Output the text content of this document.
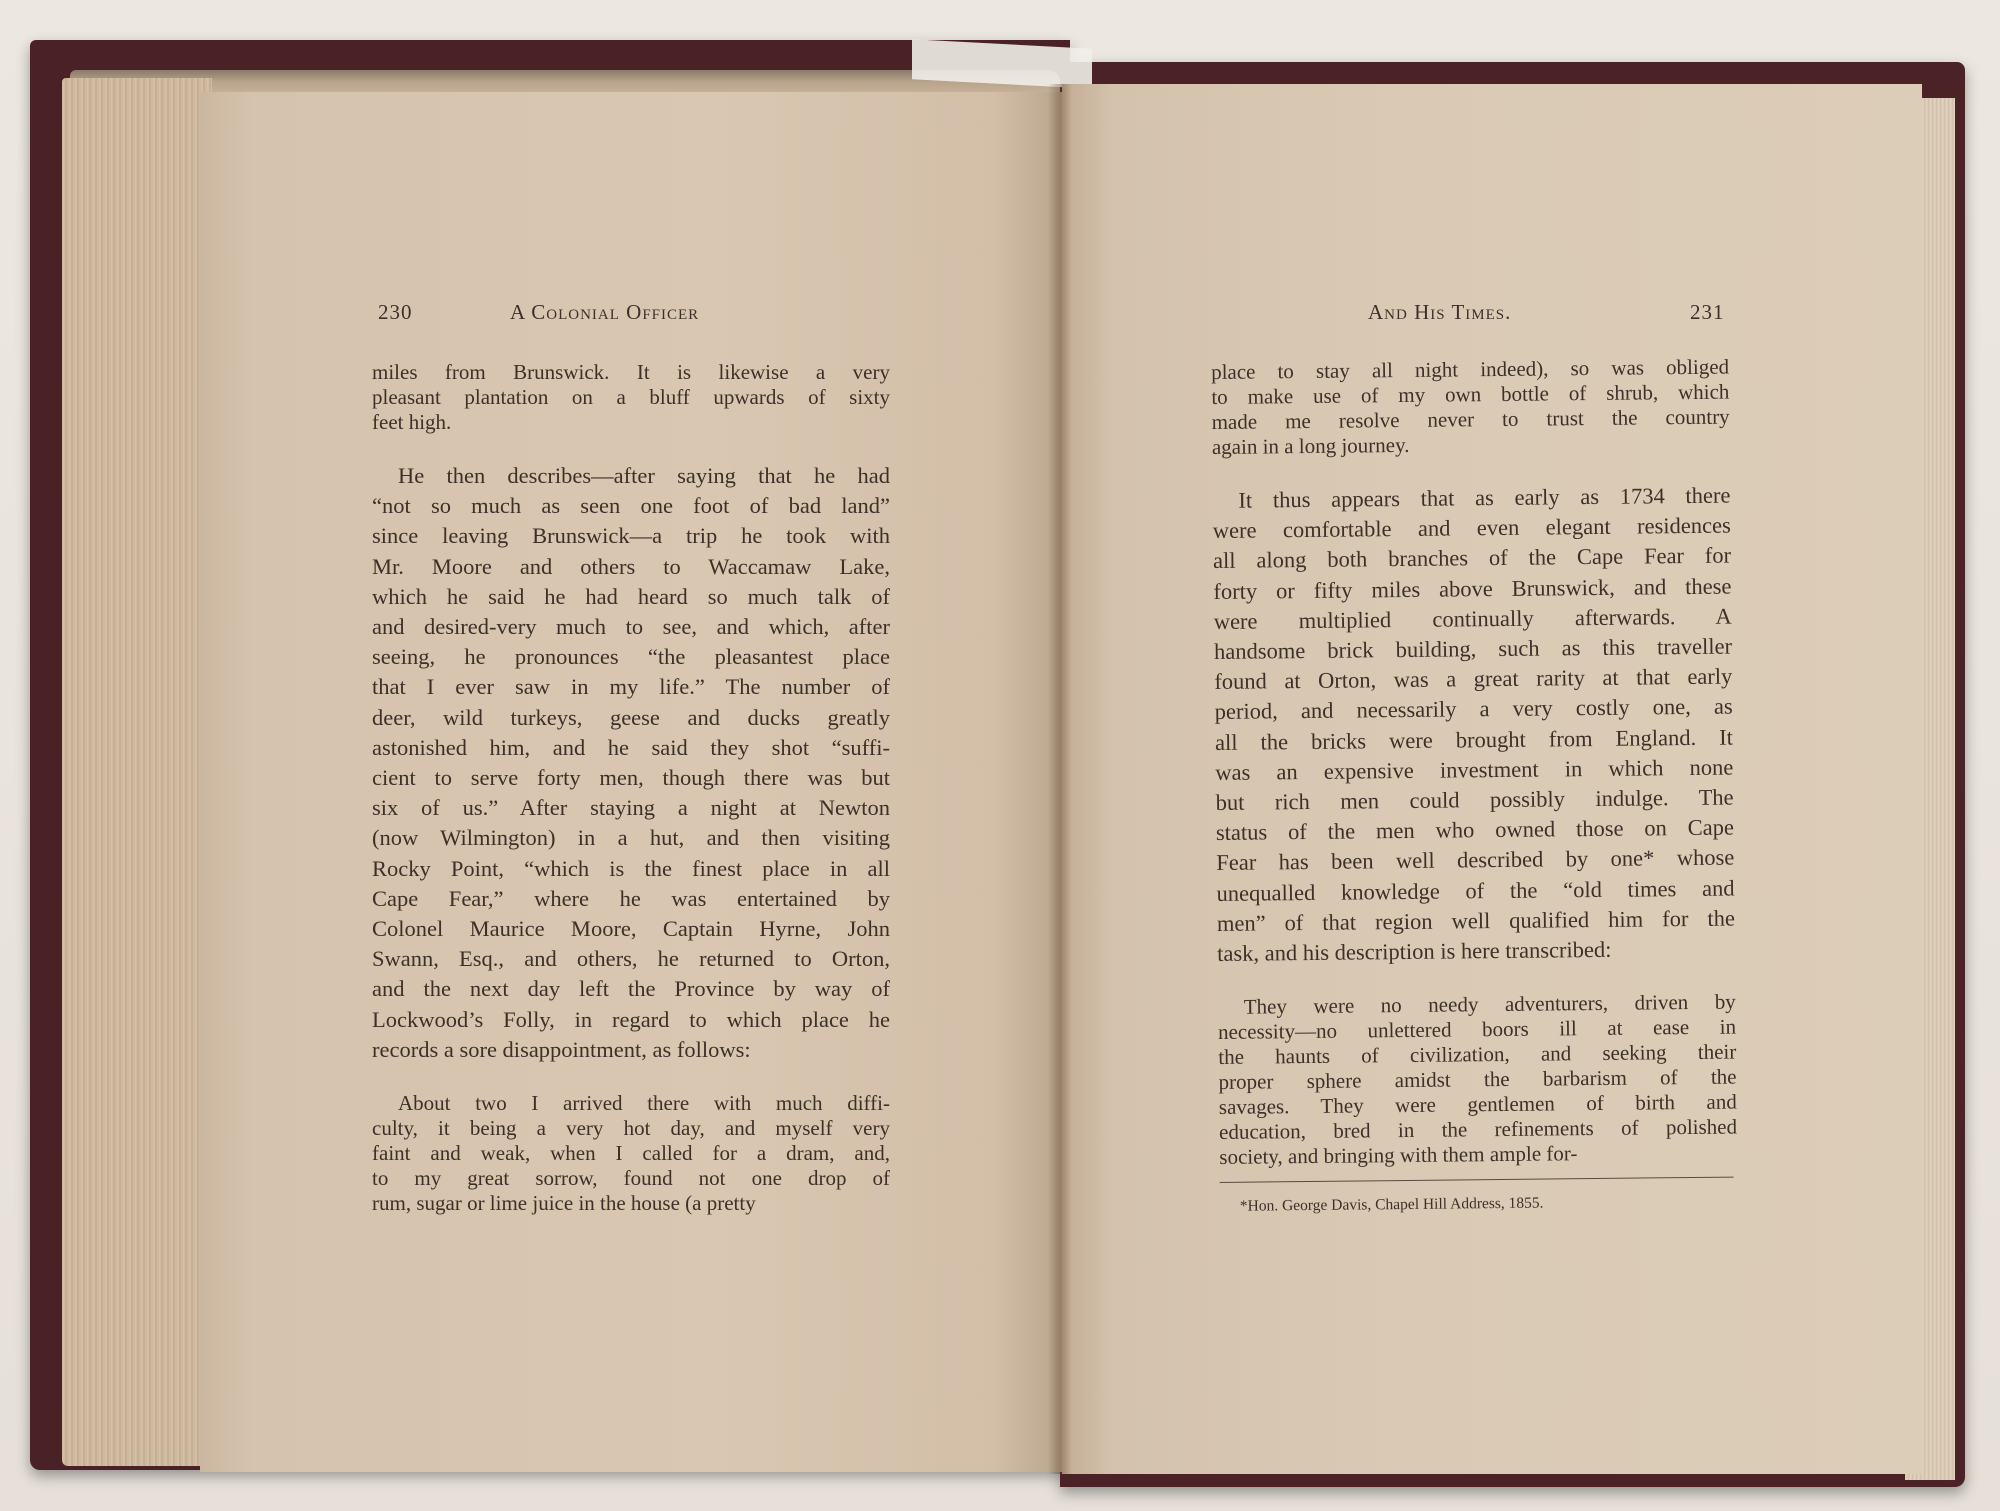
230	A Colonial Officer	And His Times.	231
miles from Brunswick. It is likewise a very
pleasant plantation on a bluff upwards of sixty
feet high.
He then describes—after saying that he had
“not so much as seen one foot of bad land”
since leaving Brunswick—a trip he took with
Mr. Moore and others to Waccamaw Lake,
which he said he had heard so much talk of
and desired-very much to see, and which, after
seeing, he pronounces “the pleasantest place
that I ever saw in my life.” The number of
deer, wild turkeys, geese and ducks greatly
astonished him, and he said they shot “suffi-
cient to serve forty men, though there was but
six of us.” After staying a night at Newton
(now Wilmington) in a hut, and then visiting
Rocky Point, “which is the finest place in all
Cape Fear,” where he was entertained by
Colonel Maurice Moore, Captain Hyrne, John
Swann, Esq., and others, he returned to Orton,
and the next day left the Province by way of
Lockwood’s Folly, in regard to which place he
records a sore disappointment, as follows:
About two I arrived there with much diffi-
culty, it being a very hot day, and myself very
faint and weak, when I called for a dram, and,
to my great sorrow, found not one drop of
rum, sugar or lime juice in the house (a pretty
place to stay all night indeed), so was obliged
to make use of my own bottle of shrub, which
made me resolve never to trust the country
again in a long journey.
It thus appears that as early as 1734 there
were comfortable and even elegant residences
all along both branches of the Cape Fear for
forty or fifty miles above Brunswick, and these
were multiplied continually afterwards. A
handsome brick building, such as this traveller
found at Orton, was a great rarity at that early
period, and necessarily a very costly one, as
all the bricks were brought from England. It
was an expensive investment in which none
but rich men could possibly indulge. The
status of the men who owned those on Cape
Fear has been well described by one* whose
unequalled knowledge of the “old times and
men” of that region well qualified him for the
task, and his description is here transcribed:
They were no needy adventurers, driven by
necessity—no unlettered boors ill at ease in
the haunts of civilization, and seeking their
proper sphere amidst the barbarism of the
savages. They were gentlemen of birth and
education, bred in the refinements of polished
society, and bringing with them ample for-
*Hon. George Davis, Chapel Hill Address, 1855.
